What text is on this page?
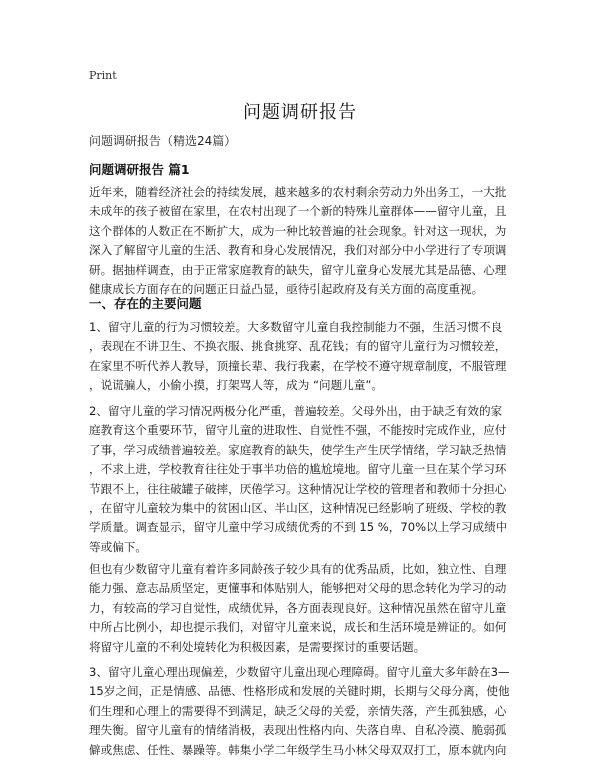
Print
问题调研报告
问题调研报告（精选24篇）
问题调研报告 篇1
近年来，随着经济社会的持续发展，越来越多的农村剩余劳动力外出务工，一大批
未成年的孩子被留在家里，在农村出现了一个新的特殊儿童群体——留守儿童，且
这个群体的人数正在不断扩大，成为一种比较普遍的社会现象。针对这一现状，为
深入了解留守儿童的生活、教育和身心发展情况，我们对部分中小学进行了专项调
研。据抽样调查，由于正常家庭教育的缺失，留守儿童身心发展尤其是品德、心理
健康成长方面存在的问题正日益凸显，亟待引起政府及有关方面的高度重视。
一、存在的主要问题
1、留守儿童的行为习惯较差。大多数留守儿童自我控制能力不强，生活习惯不良
，表现在不讲卫生、不换衣服、挑食挑穿、乱花钱；有的留守儿童行为习惯较差，
在家里不听代养人教导，顶撞长辈、我行我素，在学校不遵守规章制度，不服管理
，说谎骗人，小偷小摸，打架骂人等，成为 “问题儿童”。
2、留守儿童的学习情况两极分化严重，普遍较差。父母外出，由于缺乏有效的家
庭教育这个重要环节，留守儿童的进取性、自觉性不强，不能按时完成作业，应付
了事，学习成绩普遍较差。家庭教育的缺失，使学生产生厌学情绪，学习缺乏热情
，不求上进，学校教育往往处于事半功倍的尴尬境地。留守儿童一旦在某个学习环
节跟不上，往往破罐子破摔，厌倦学习。这种情况让学校的管理者和教师十分担心
，在留守儿童较为集中的贫困山区、半山区，这种情况已经影响了班级、学校的教
学质量。调查显示，留守儿童中学习成绩优秀的不到 15 %，70%以上学习成绩中
等或偏下。
但也有少数留守儿童有着许多同龄孩子较少具有的优秀品质，比如，独立性、自理
能力强、意志品质坚定，更懂事和体贴别人，能够把对父母的思念转化为学习的动
力，有较高的学习自觉性，成绩优异，各方面表现良好。这种情况虽然在留守儿童
中所占比例小，却也提示我们，对留守儿童来说，成长和生活环境是辨证的。如何
将留守儿童的不利处境转化为积极因素，是需要探讨的重要话题。
3、留守儿童心理出现偏差，少数留守儿童出现心理障碍。留守儿童大多年龄在3—
15岁之间，正是情感、品德、性格形成和发展的关键时期，长期与父母分离，使他
们生理和心理上的需要得不到满足，缺乏父母的关爱，亲情失落，产生孤独感，心
理失衡。留守儿童有的情绪消极，表现出性格内向、失落自卑、自私冷漠、脆弱孤
僻或焦虑、任性、暴躁等。韩集小学二年级学生马小林父母双双打工，原本就内向
